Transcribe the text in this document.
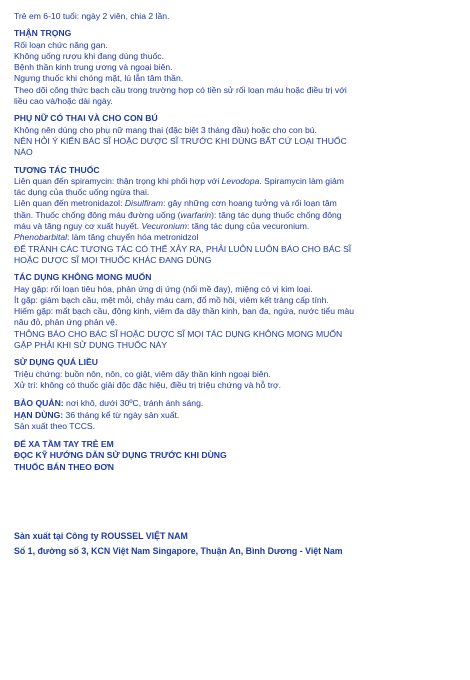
Trẻ em 6-10 tuổi: ngày 2 viên, chia 2 lần.
THẬN TRỌNG
Rối loạn chức năng gan.
Không uống rượu khi đang dùng thuốc.
Bệnh thần kinh trung ương và ngoại biên.
Ngưng thuốc khi chóng mặt, lú lẫn tâm thần.
Theo dõi công thức bạch cầu trong trường hợp có tiền sử rối loạn máu hoặc điều trị với
liều cao và/hoặc dài ngày.
PHỤ NỮ CÓ THAI VÀ CHO CON BÚ
Không nên dùng cho phụ nữ mang thai (đặc biệt 3 tháng đầu) hoặc cho con bú.
NÊN HỎI Ý KIẾN BÁC SĨ HOẶC DƯỢC SĨ TRƯỚC KHI DÙNG BẤT CỨ LOẠI THUỐC
NÀO
TƯƠNG TÁC THUỐC
Liên quan đến spiramycin: thận trọng khi phối hợp với Levodopa. Spiramycin làm giảm
tác dụng của thuốc uống ngừa thai.
Liên quan đến metronidazol: Disulfiram: gây những cơn hoang tưởng và rối loạn tâm
thần. Thuốc chống đông máu đường uống (warfarin): tăng tác dụng thuốc chống đông
máu và tăng nguy cơ xuất huyết. Vecuronium: tăng tác dụng của vecuronium.
Phenobarbital: làm tăng chuyển hóa metronidzol
ĐỂ TRÁNH CÁC TƯƠNG TÁC CÓ THỂ XẢY RA, PHẢI LUÔN LUÔN BÁO CHO BÁC SĨ
HOẶC DƯỢC SĨ MỌI THUỐC KHÁC ĐANG DÙNG
TÁC DỤNG KHÔNG MONG MUỐN
Hay gặp: rối loạn tiêu hóa, phản ứng dị ứng (nổi mề đay), miệng có vị kim loại.
Ít gặp: giảm bạch cầu, mệt mỏi, chảy máu cam, đổ mồ hôi, viêm kết tràng cấp tính.
Hiếm gặp: mất bạch cầu, động kinh, viêm đa dây thần kinh, ban đa, ngứa, nước tiểu màu
nâu đỏ, phản ứng phản vệ.
THÔNG BÁO CHO BÁC SĨ HOẶC DƯỢC SĨ MỌI TÁC DỤNG KHÔNG MONG MUỐN
GẶP PHẢI KHI SỬ DỤNG THUỐC NÀY
SỬ DỤNG QUÁ LIỀU
Triệu chứng: buồn nôn, nôn, co giật, viêm dây thần kinh ngoại biên.
Xử trí: không có thuốc giải độc đặc hiệu, điều trị triệu chứng và hỗ trợ.
BẢO QUẢN: nơi khô, dưới 30ºC, tránh ánh sáng.
HẠN DÙNG: 36 tháng kể từ ngày sản xuất.
Sản xuất theo TCCS.
ĐỂ XA TẦM TAY TRẺ EM
ĐỌC KỸ HƯỚNG DẪN SỬ DỤNG TRƯỚC KHI DÙNG
THUỐC BÁN THEO ĐƠN
Sản xuất tại Công ty ROUSSEL VIỆT NAM
Số 1, đường số 3, KCN Việt Nam Singapore, Thuận An, Bình Dương - Việt Nam
